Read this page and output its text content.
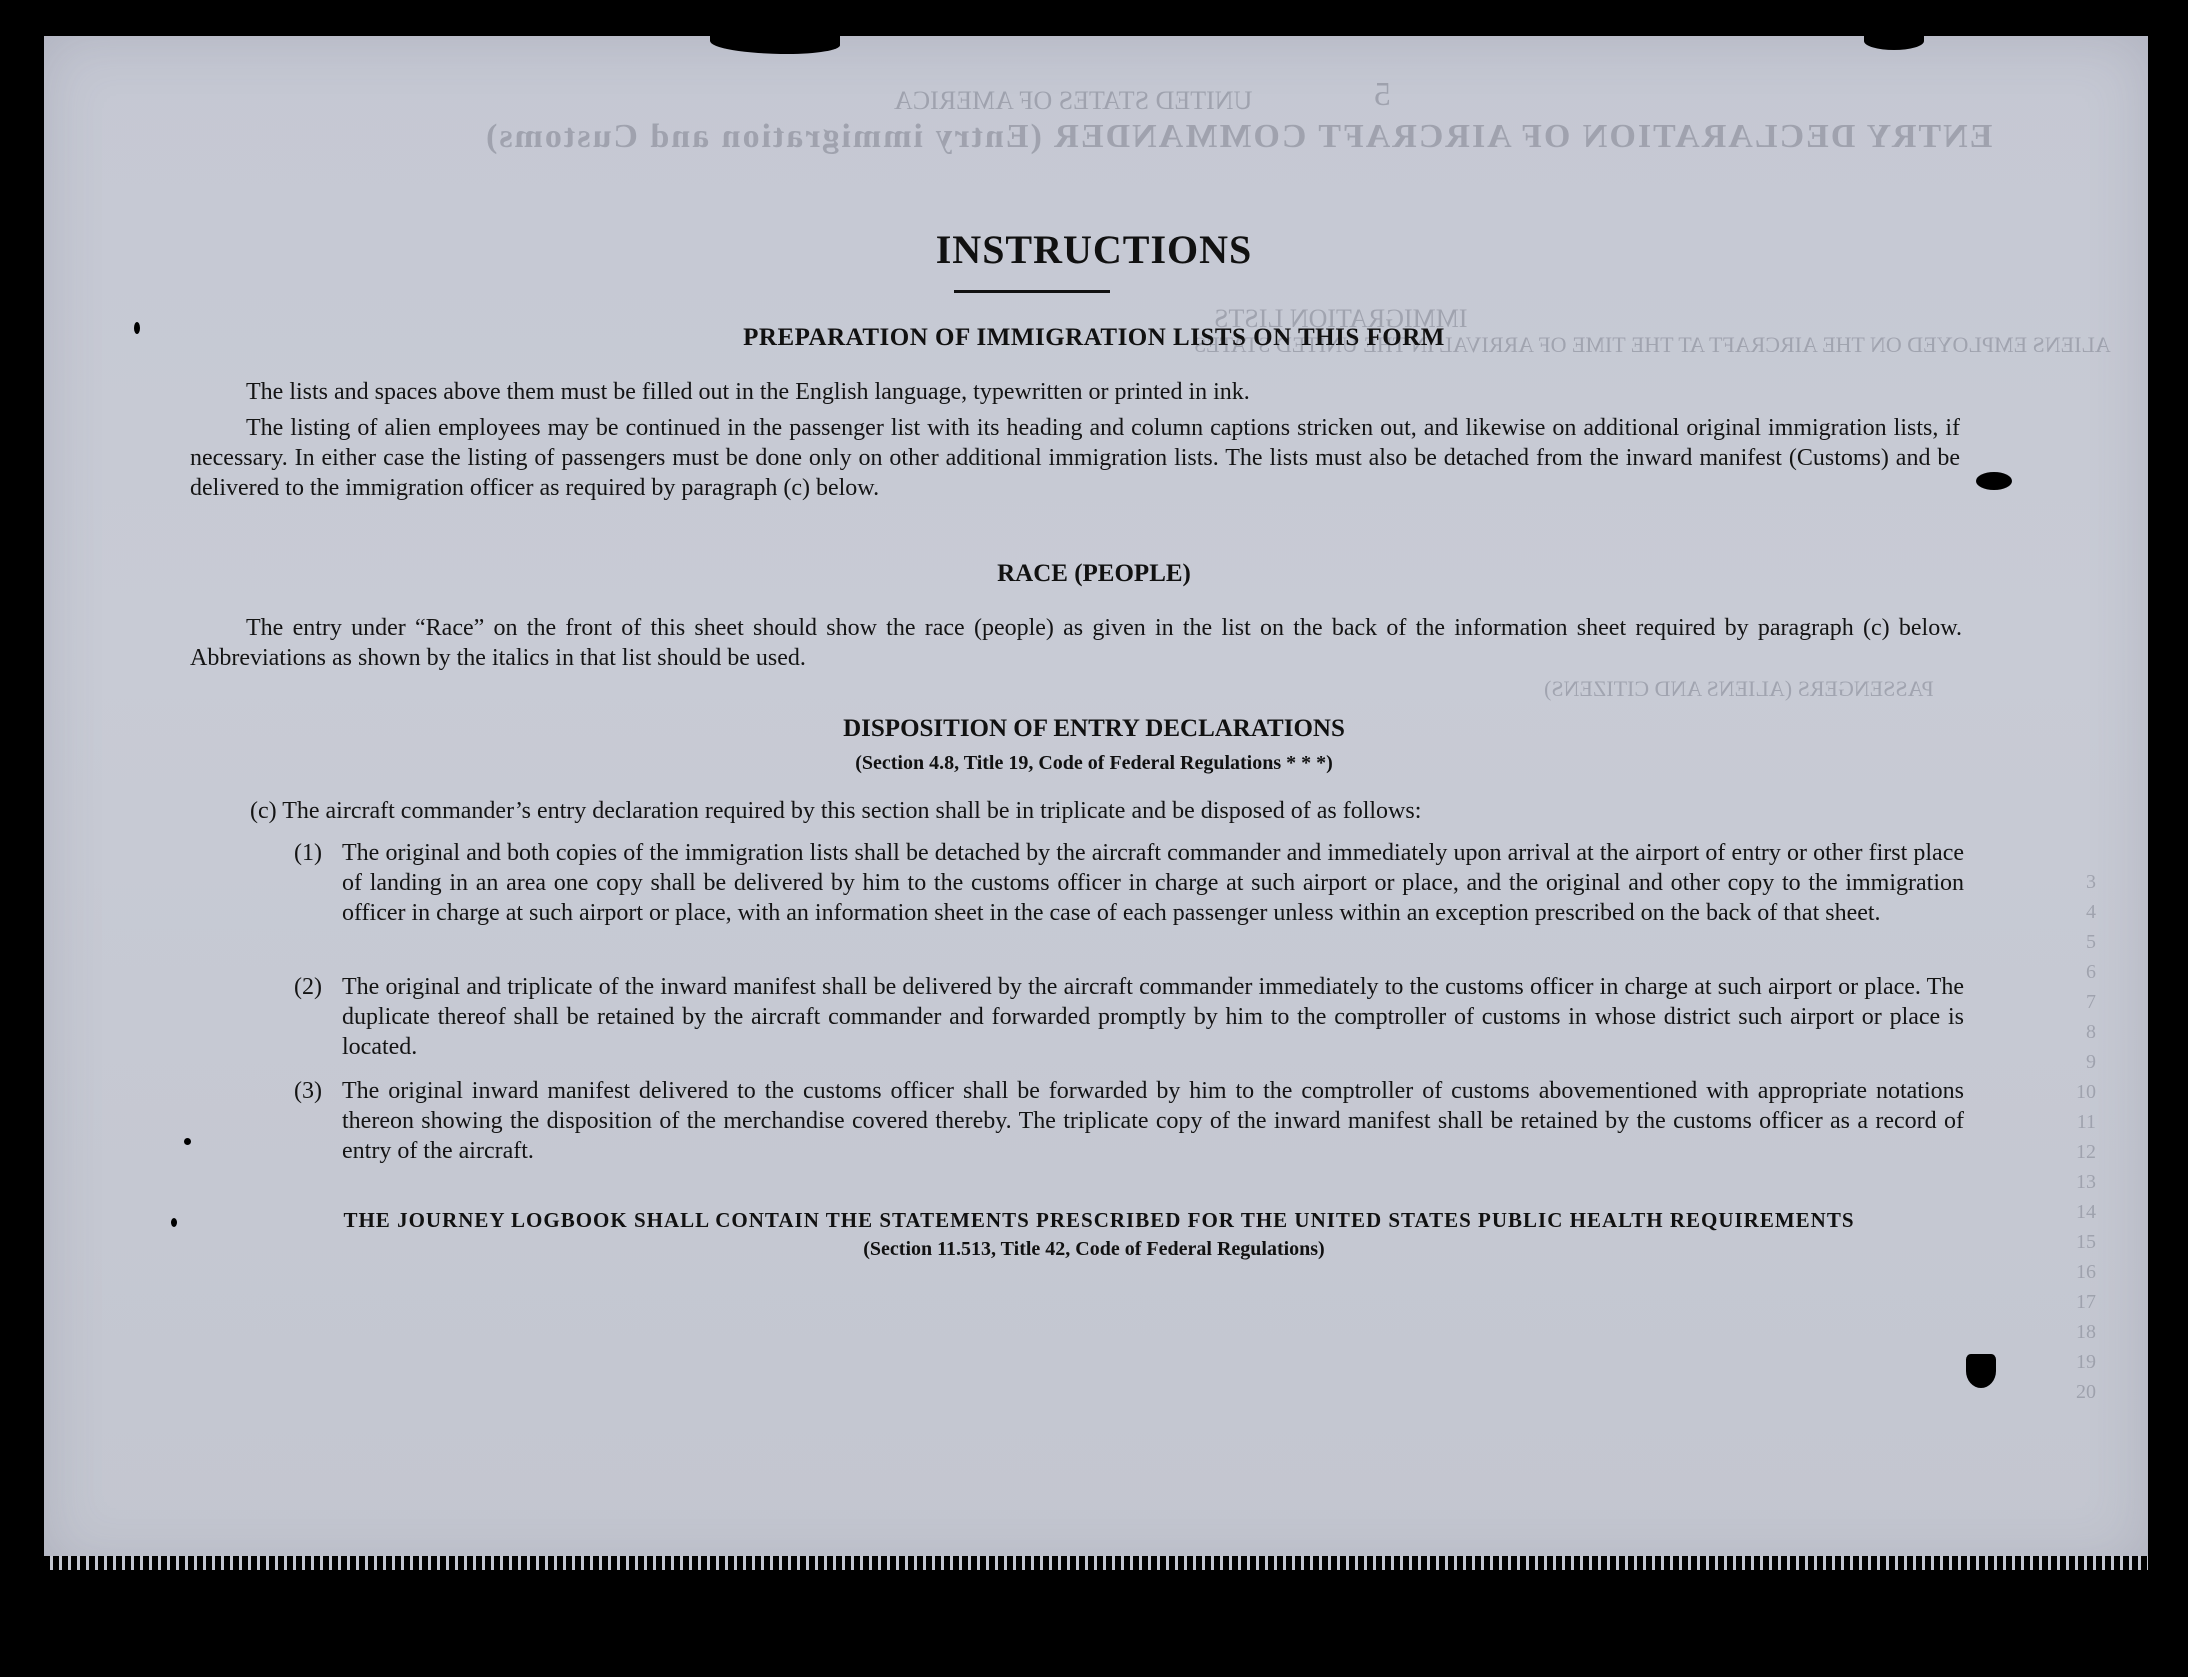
UNITED STATES OF AMERICA
ENTRY DECLARATION OF AIRCRAFT COMMANDER (Entry immigration and Customs)
5
IMMIGRATION LISTS
ALIENS EMPLOYED ON THE AIRCRAFT AT THE TIME OF ARRIVAL IN THE UNITED STATES
PASSENGERS (ALIENS AND CITIZENS)
3
4
5
6
7
8
9
10
11
12
13
14
15
16
17
18
19
20
INSTRUCTIONS
PREPARATION OF IMMIGRATION LISTS ON THIS FORM

The lists and spaces above them must be filled out in the English language, typewritten or printed in ink.

The listing of alien employees may be continued in the passenger list with its heading and column captions stricken out, and likewise on additional original immigration lists, if necessary. In either case the listing of passengers must be done only on other additional immigration lists. The lists must also be detached from the inward manifest (Customs) and be delivered to the immigration officer as required by paragraph (c) below.

RACE (PEOPLE)

The entry under “Race” on the front of this sheet should show the race (people) as given in the list on the back of the information sheet required by paragraph (c) below. Abbreviations as shown by the italics in that list should be used.

DISPOSITION OF ENTRY DECLARATIONS
(Section 4.8, Title 19, Code of Federal Regulations * * *)

(c) The aircraft commander’s entry declaration required by this section shall be in triplicate and be disposed of as follows:

(1) The original and both copies of the immigration lists shall be detached by the aircraft commander and immediately upon arrival at the airport of entry or other first place of landing in an area one copy shall be delivered by him to the customs officer in charge at such airport or place, and the original and other copy to the immigration officer in charge at such airport or place, with an information sheet in the case of each passenger unless within an exception prescribed on the back of that sheet.
(2) The original and triplicate of the inward manifest shall be delivered by the aircraft commander immediately to the customs officer in charge at such airport or place. The duplicate thereof shall be retained by the aircraft commander and forwarded promptly by him to the comptroller of customs in whose district such airport or place is located.
(3) The original inward manifest delivered to the customs officer shall be forwarded by him to the comptroller of customs abovementioned with appropriate notations thereon showing the disposition of the merchandise covered thereby. The triplicate copy of the inward manifest shall be retained by the customs officer as a record of entry of the aircraft.
THE JOURNEY LOGBOOK SHALL CONTAIN THE STATEMENTS PRESCRIBED FOR THE UNITED STATES PUBLIC HEALTH REQUIREMENTS
(Section 11.513, Title 42, Code of Federal Regulations)
